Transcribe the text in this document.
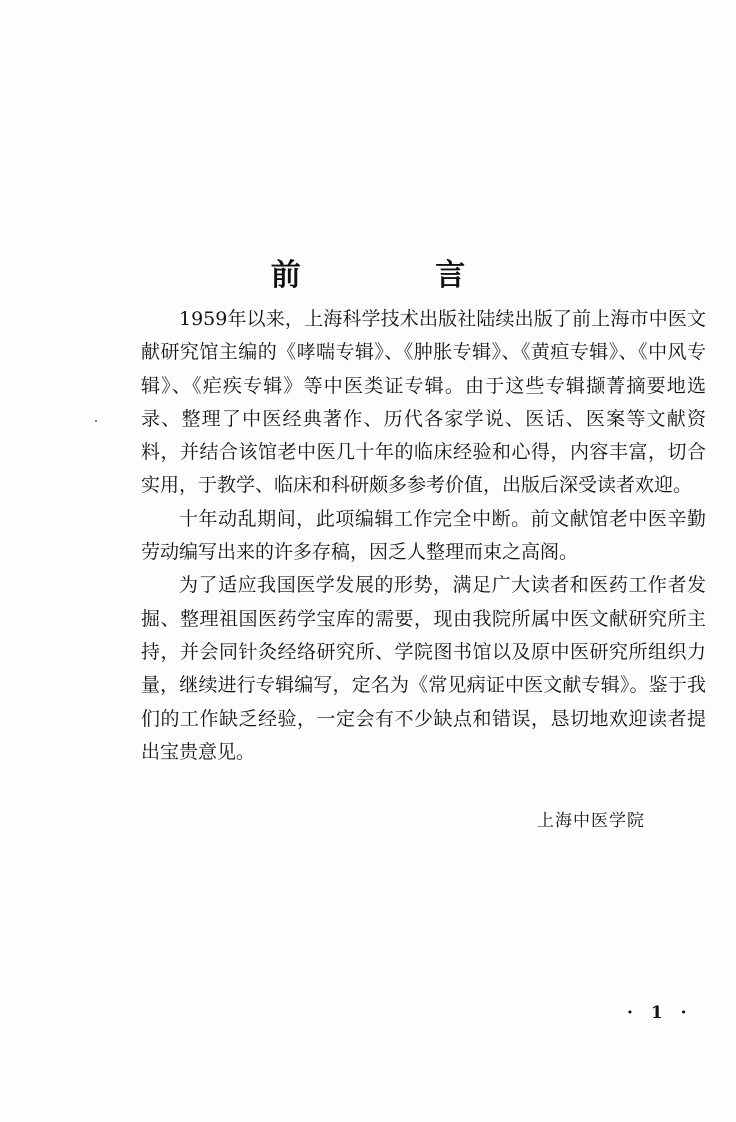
前 言

1959年以来，上海科学技术出版社陆续出版了前上海市中医文献研究馆主编的《哮喘专辑》、《肿胀专辑》、《黄疸专辑》、《中风专辑》、《疟疾专辑》等中医类证专辑。由于这些专辑撷菁摘要地选录、整理了中医经典著作、历代各家学说、医话、医案等文献资料，并结合该馆老中医几十年的临床经验和心得，内容丰富，切合实用，于教学、临床和科研颇多参考价值，出版后深受读者欢迎。

十年动乱期间，此项编辑工作完全中断。前文献馆老中医辛勤劳动编写出来的许多存稿，因乏人整理而束之高阁。

为了适应我国医学发展的形势，满足广大读者和医药工作者发掘、整理祖国医药学宝库的需要，现由我院所属中医文献研究所主持，并会同针灸经络研究所、学院图书馆以及原中医研究所组织力量，继续进行专辑编写，定名为《常见病证中医文献专辑》。鉴于我们的工作缺乏经验，一定会有不少缺点和错误，恳切地欢迎读者提出宝贵意见。

上海中医学院
· 1 ·
